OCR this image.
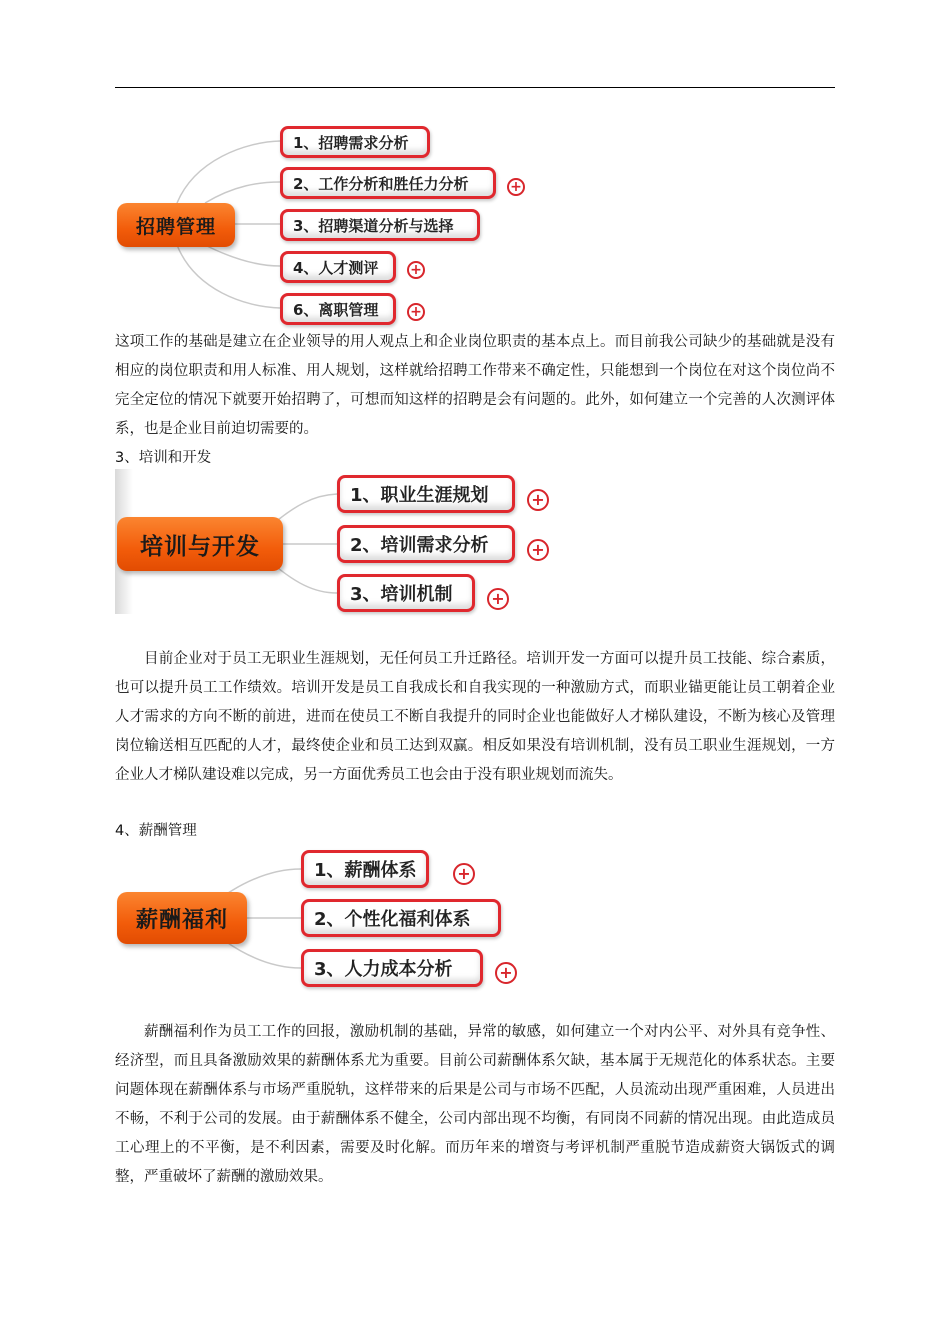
招聘管理
1、招聘需求分析
2、工作分析和胜任力分析	+
3、招聘渠道分析与选择
4、人才测评	+
6、离职管理	+

这项工作的基础是建立在企业领导的用人观点上和企业岗位职责的基本点上。而目前我公司缺少的基础就是没有相应的岗位职责和用人标准、用人规划，这样就给招聘工作带来不确定性，只能想到一个岗位在对这个岗位尚不完全定位的情况下就要开始招聘了，可想而知这样的招聘是会有问题的。此外，如何建立一个完善的人次测评体系，也是企业目前迫切需要的。

3、培训和开发

培训与开发
1、职业生涯规划	+
2、培训需求分析	+
3、培训机制	+

目前企业对于员工无职业生涯规划，无任何员工升迁路径。培训开发一方面可以提升员工技能、综合素质，也可以提升员工工作绩效。培训开发是员工自我成长和自我实现的一种激励方式，而职业锚更能让员工朝着企业人才需求的方向不断的前进，进而在使员工不断自我提升的同时企业也能做好人才梯队建设，不断为核心及管理岗位输送相互匹配的人才，最终使企业和员工达到双赢。相反如果没有培训机制，没有员工职业生涯规划，一方企业人才梯队建设难以完成，另一方面优秀员工也会由于没有职业规划而流失。

4、薪酬管理

薪酬福利
1、薪酬体系	+
2、个性化福利体系
3、人力成本分析	+

薪酬福利作为员工工作的回报，激励机制的基础，异常的敏感，如何建立一个对内公平、对外具有竞争性、经济型，而且具备激励效果的薪酬体系尤为重要。目前公司薪酬体系欠缺，基本属于无规范化的体系状态。主要问题体现在薪酬体系与市场严重脱轨，这样带来的后果是公司与市场不匹配，人员流动出现严重困难，人员进出不畅，不利于公司的发展。由于薪酬体系不健全，公司内部出现不均衡，有同岗不同薪的情况出现。由此造成员工心理上的不平衡，是不利因素，需要及时化解。而历年来的增资与考评机制严重脱节造成薪资大锅饭式的调整，严重破坏了薪酬的激励效果。
